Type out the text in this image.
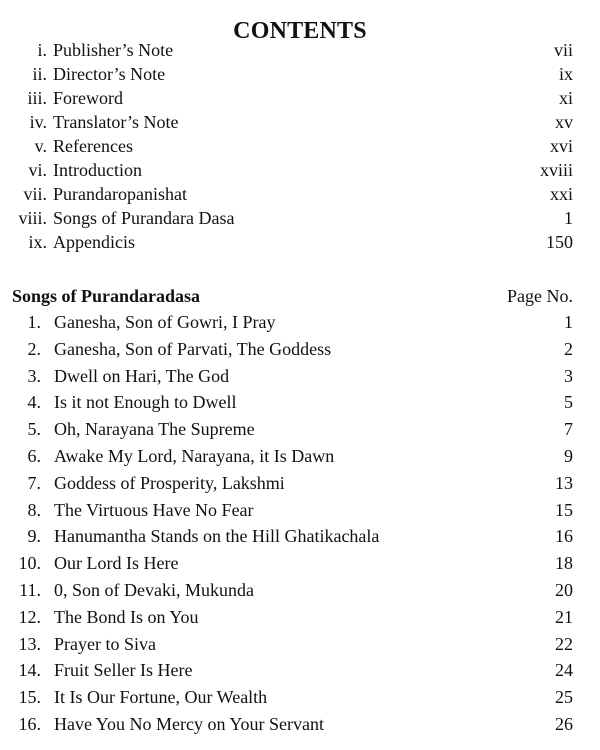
CONTENTS
i. Publisher’s Note	vii
ii. Director’s Note	ix
iii. Foreword	xi
iv. Translator’s Note	xv
v. References	xvi
vi. Introduction	xviii
vii. Purandaropanishat	xxi
viii. Songs of Purandara Dasa	1
ix. Appendicis	150
Songs of Purandaradasa	Page No.
1. Ganesha, Son of Gowri, I Pray	1
2. Ganesha, Son of Parvati, The Goddess	2
3. Dwell on Hari, The God	3
4. Is it not Enough to Dwell	5
5. Oh, Narayana The Supreme	7
6. Awake My Lord, Narayana, it Is Dawn	9
7. Goddess of Prosperity, Lakshmi	13
8. The Virtuous Have No Fear	15
9. Hanumantha Stands on the Hill Ghatikachala	16
10. Our Lord Is Here	18
11. 0, Son of Devaki, Mukunda	20
12. The Bond Is on You	21
13. Prayer to Siva	22
14. Fruit Seller Is Here	24
15. It Is Our Fortune, Our Wealth	25
16. Have You No Mercy on Your Servant	26
